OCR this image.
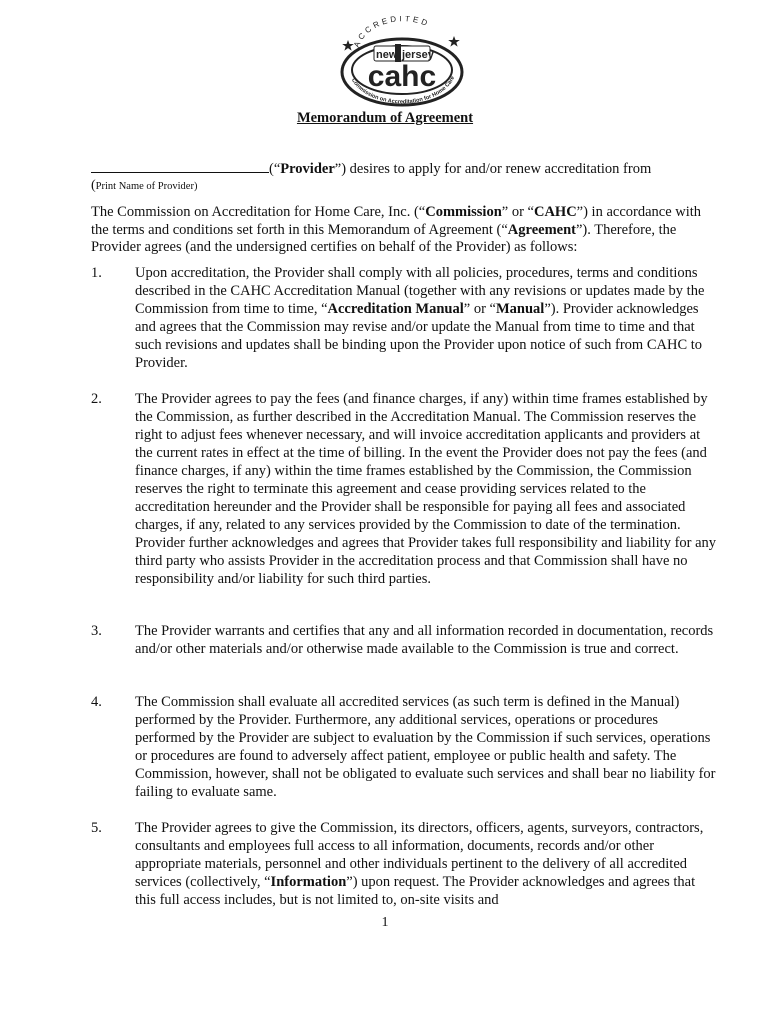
ACCREDITED
new jersey
cahc
Commission on Accreditation for Home Care
Memorandum of Agreement
(“Provider”) desires to apply for and/or renew accreditation from
(Print Name of Provider)
The Commission on Accreditation for Home Care, Inc. (“Commission” or “CAHC”) in accordance with the terms and conditions set forth in this Memorandum of Agreement (“Agreement”). Therefore, the Provider agrees (and the undersigned certifies on behalf of the Provider) as follows:
1. Upon accreditation, the Provider shall comply with all policies, procedures, terms and conditions described in the CAHC Accreditation Manual (together with any revisions or updates made by the Commission from time to time, “Accreditation Manual” or “Manual”). Provider acknowledges and agrees that the Commission may revise and/or update the Manual from time to time and that such revisions and updates shall be binding upon the Provider upon notice of such from CAHC to Provider.
2. The Provider agrees to pay the fees (and finance charges, if any) within time frames established by the Commission, as further described in the Accreditation Manual. The Commission reserves the right to adjust fees whenever necessary, and will invoice accreditation applicants and providers at the current rates in effect at the time of billing. In the event the Provider does not pay the fees (and finance charges, if any) within the time frames established by the Commission, the Commission reserves the right to terminate this agreement and cease providing services related to the accreditation hereunder and the Provider shall be responsible for paying all fees and associated charges, if any, related to any services provided by the Commission to date of the termination. Provider further acknowledges and agrees that Provider takes full responsibility and liability for any third party who assists Provider in the accreditation process and that Commission shall have no responsibility and/or liability for such third parties.
3. The Provider warrants and certifies that any and all information recorded in documentation, records and/or other materials and/or otherwise made available to the Commission is true and correct.
4. The Commission shall evaluate all accredited services (as such term is defined in the Manual) performed by the Provider. Furthermore, any additional services, operations or procedures performed by the Provider are subject to evaluation by the Commission if such services, operations or procedures are found to adversely affect patient, employee or public health and safety. The Commission, however, shall not be obligated to evaluate such services and shall bear no liability for failing to evaluate same.
5. The Provider agrees to give the Commission, its directors, officers, agents, surveyors, contractors, consultants and employees full access to all information, documents, records and/or other appropriate materials, personnel and other individuals pertinent to the delivery of all accredited services (collectively, “Information”) upon request. The Provider acknowledges and agrees that this full access includes, but is not limited to, on-site visits and
1
